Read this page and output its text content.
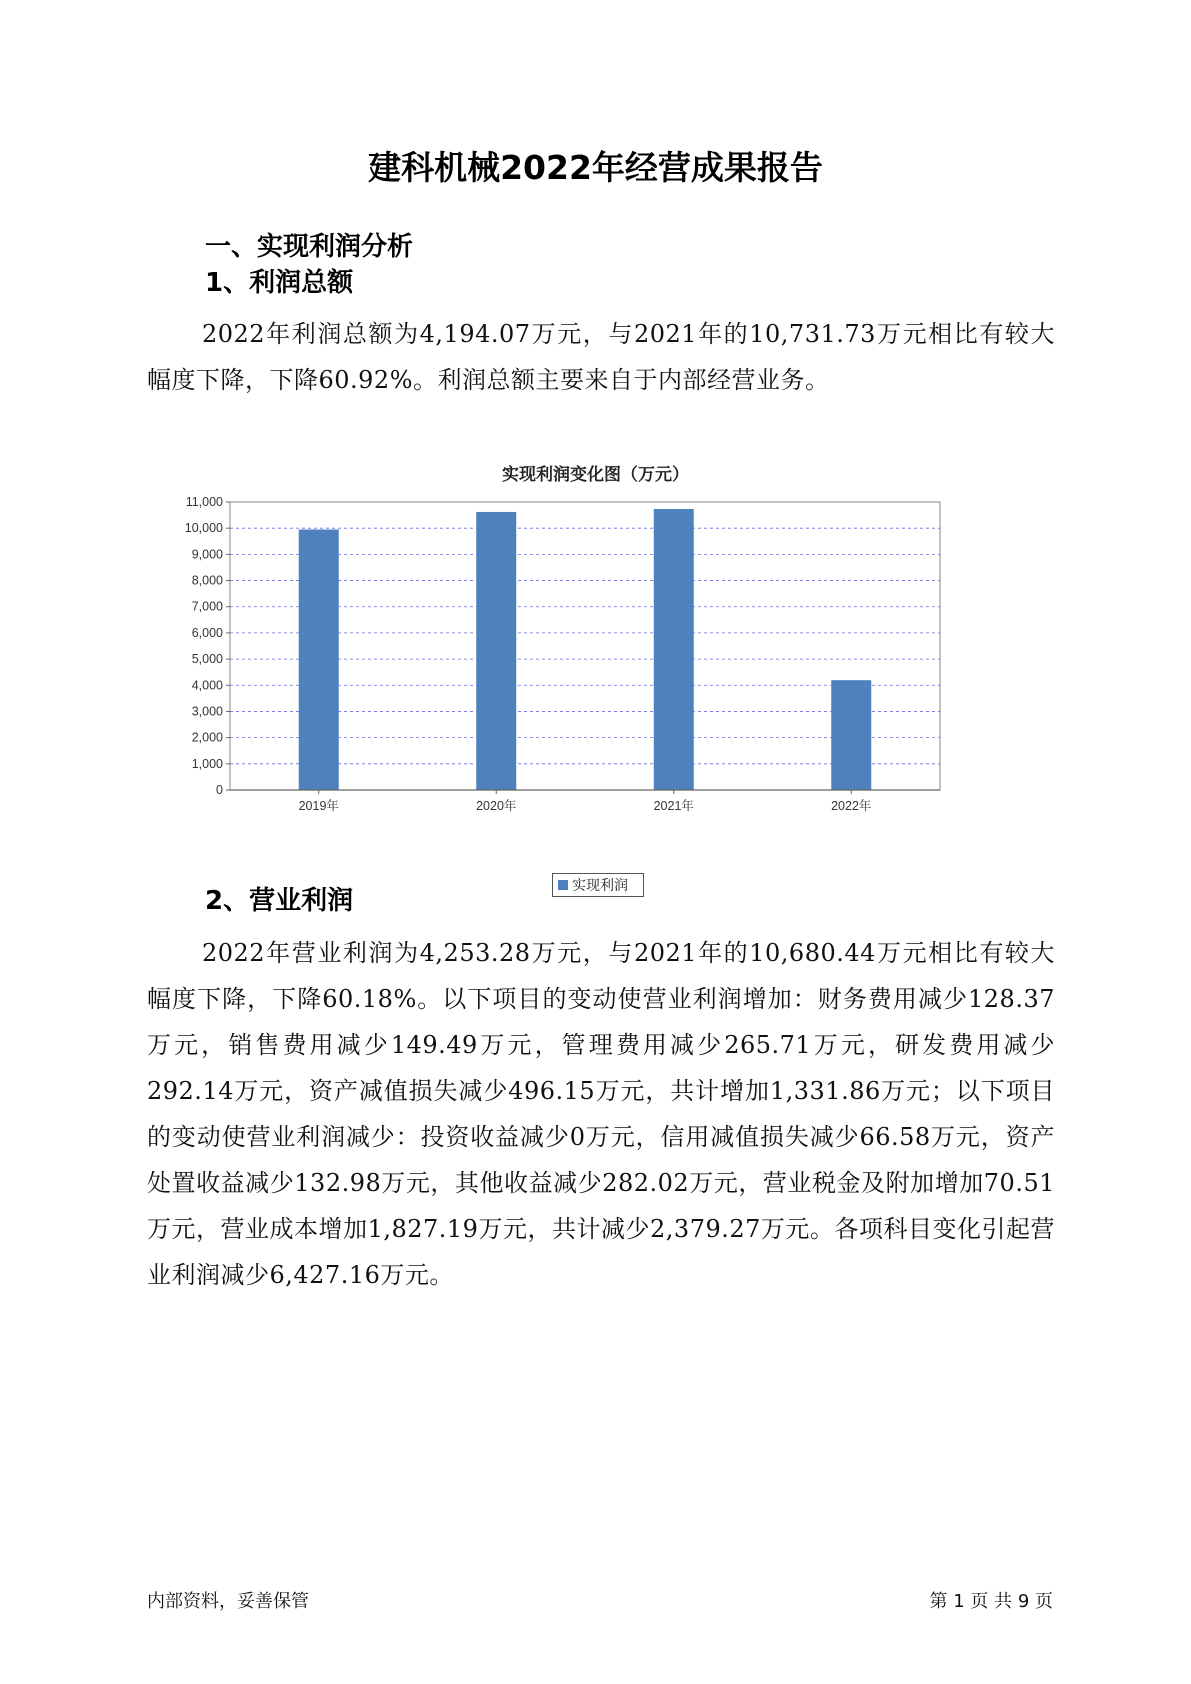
建科机械2022年经营成果报告
一、实现利润分析
1、利润总额

2022年利润总额为4,194.07万元，与2021年的10,731.73万元相比有较大幅度下降，下降60.92%。利润总额主要来自于内部经营业务。

实现利润变化图（万元）
0
1,000
2,000
3,000
4,000
5,000
6,000
7,000
8,000
9,000
10,000
11,000
2019年	2020年	2021年	2022年
实现利润
2、营业利润

2022年营业利润为4,253.28万元，与2021年的10,680.44万元相比有较大幅度下降，下降60.18%。以下项目的变动使营业利润增加：财务费用减少128.37万元，销售费用减少149.49万元，管理费用减少265.71万元，研发费用减少292.14万元，资产减值损失减少496.15万元，共计增加1,331.86万元；以下项目的变动使营业利润减少：投资收益减少0万元，信用减值损失减少66.58万元，资产处置收益减少132.98万元，其他收益减少282.02万元，营业税金及附加增加70.51万元，营业成本增加1,827.19万元，共计减少2,379.27万元。各项科目变化引起营业利润减少6,427.16万元。

内部资料，妥善保管	第 1 页 共 9 页
